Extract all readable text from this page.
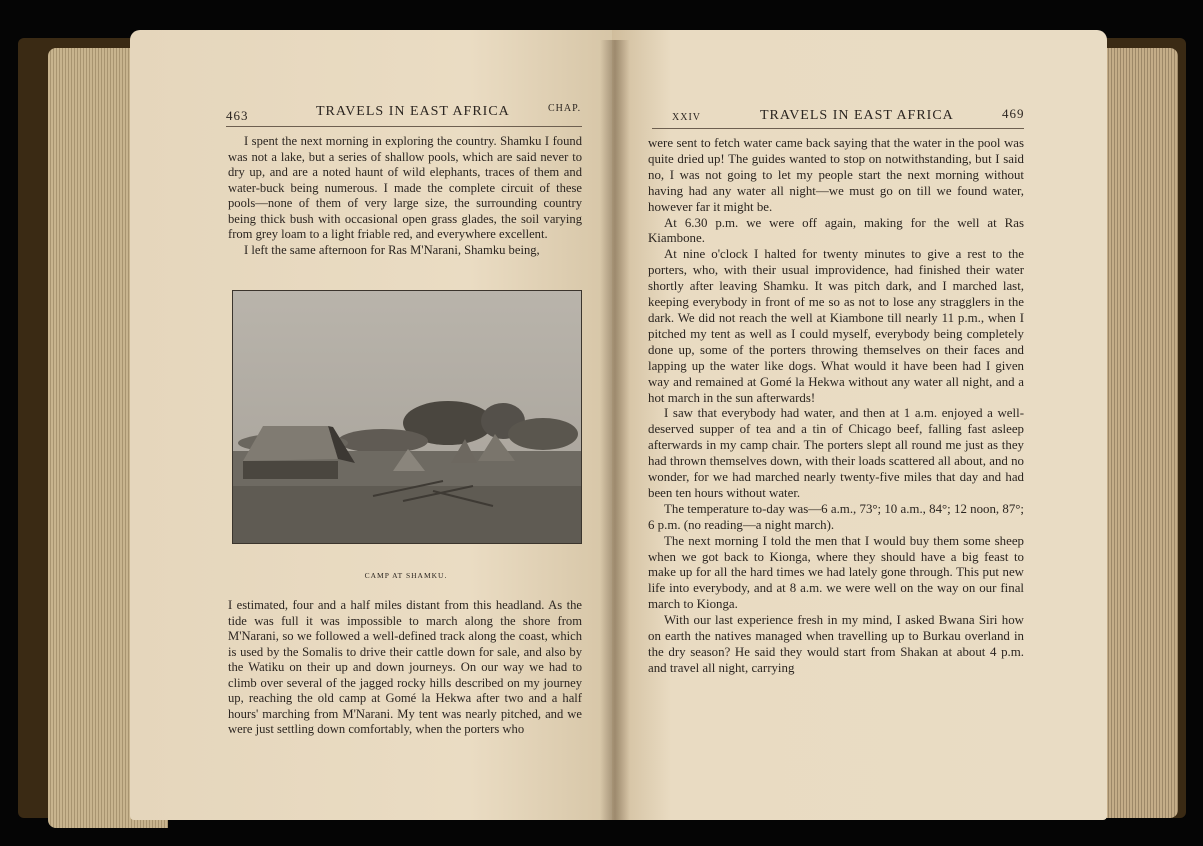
463	TRAVELS IN EAST AFRICA	CHAP.

I spent the next morning in exploring the country. Shamku I found was not a lake, but a series of shallow pools, which are said never to dry up, and are a noted haunt of wild elephants, traces of them and water-buck being numerous. I made the complete circuit of these pools—none of them of very large size, the surrounding country being thick bush with occasional open grass glades, the soil varying from grey loam to a light friable red, and everywhere excellent.

I left the same afternoon for Ras M'Narani, Shamku being,

CAMP AT SHAMKU.

I estimated, four and a half miles distant from this headland. As the tide was full it was impossible to march along the shore from M'Narani, so we followed a well-defined track along the coast, which is used by the Somalis to drive their cattle down for sale, and also by the Watiku on their up and down journeys. On our way we had to climb over several of the jagged rocky hills described on my journey up, reaching the old camp at Gomé la Hekwa after two and a half hours' marching from M'Narani. My tent was nearly pitched, and we were just settling down comfortably, when the porters who

XXIV	TRAVELS IN EAST AFRICA	469

were sent to fetch water came back saying that the water in the pool was quite dried up! The guides wanted to stop on notwithstanding, but I said no, I was not going to let my people start the next morning without having had any water all night—we must go on till we found water, however far it might be.

At 6.30 p.m. we were off again, making for the well at Ras Kiambone.

At nine o'clock I halted for twenty minutes to give a rest to the porters, who, with their usual improvidence, had finished their water shortly after leaving Shamku. It was pitch dark, and I marched last, keeping everybody in front of me so as not to lose any stragglers in the dark. We did not reach the well at Kiambone till nearly 11 p.m., when I pitched my tent as well as I could myself, everybody being completely done up, some of the porters throwing themselves on their faces and lapping up the water like dogs. What would it have been had I given way and remained at Gomé la Hekwa without any water all night, and a hot march in the sun afterwards!

I saw that everybody had water, and then at 1 a.m. enjoyed a well-deserved supper of tea and a tin of Chicago beef, falling fast asleep afterwards in my camp chair. The porters slept all round me just as they had thrown themselves down, with their loads scattered all about, and no wonder, for we had marched nearly twenty-five miles that day and had been ten hours without water.

The temperature to-day was—6 a.m., 73°; 10 a.m., 84°; 12 noon, 87°; 6 p.m. (no reading—a night march).

The next morning I told the men that I would buy them some sheep when we got back to Kionga, where they should have a big feast to make up for all the hard times we had lately gone through. This put new life into everybody, and at 8 a.m. we were well on the way on our final march to Kionga.

With our last experience fresh in my mind, I asked Bwana Siri how on earth the natives managed when travelling up to Burkau overland in the dry season? He said they would start from Shakan at about 4 p.m. and travel all night, carrying
